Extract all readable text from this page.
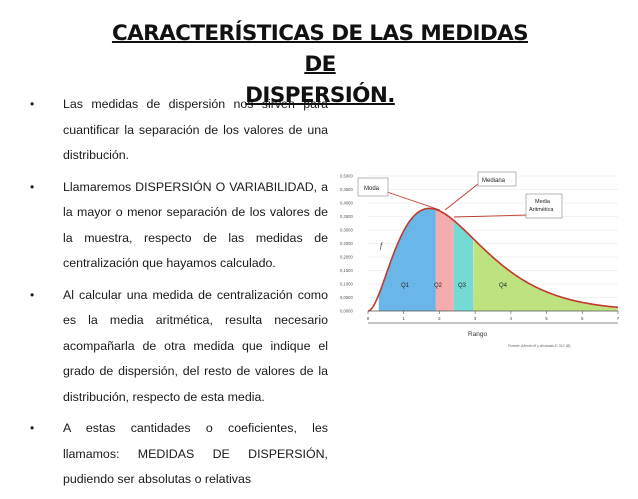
CARACTERÍSTICAS DE LAS MEDIDAS DE
DISPERSIÓN.
• Las medidas de dispersión nos sirven para cuantificar la separación de los valores de una distribución.
• Llamaremos DISPERSIÓN O VARIABILIDAD, a la mayor o menor separación de los valores de la muestra, respecto de las medidas de centralización que hayamos calculado.
• Al calcular una medida de centralización como es la media aritmética, resulta necesario acompañarla de otra medida que indique el grado de dispersión, del resto de valores de la distribución, respecto de esta media.
• A estas cantidades o coeficientes, les llamamos: MEDIDAS DE DISPERSIÓN, pudiendo ser absolutas o relativas
0,5000
0,4500
0,4000
0,3500
0,3000
0,2500
0,2000
0,1500
0,1000
0,0500
0,0000
0	1	2	3	4	5	6	7
Rango
f
Fuente: Alfredo Ifi y Alvarado E-312 (B)
Q1	Q2	Q3	Q4
Moda
Mediana
Media
Aritmética
